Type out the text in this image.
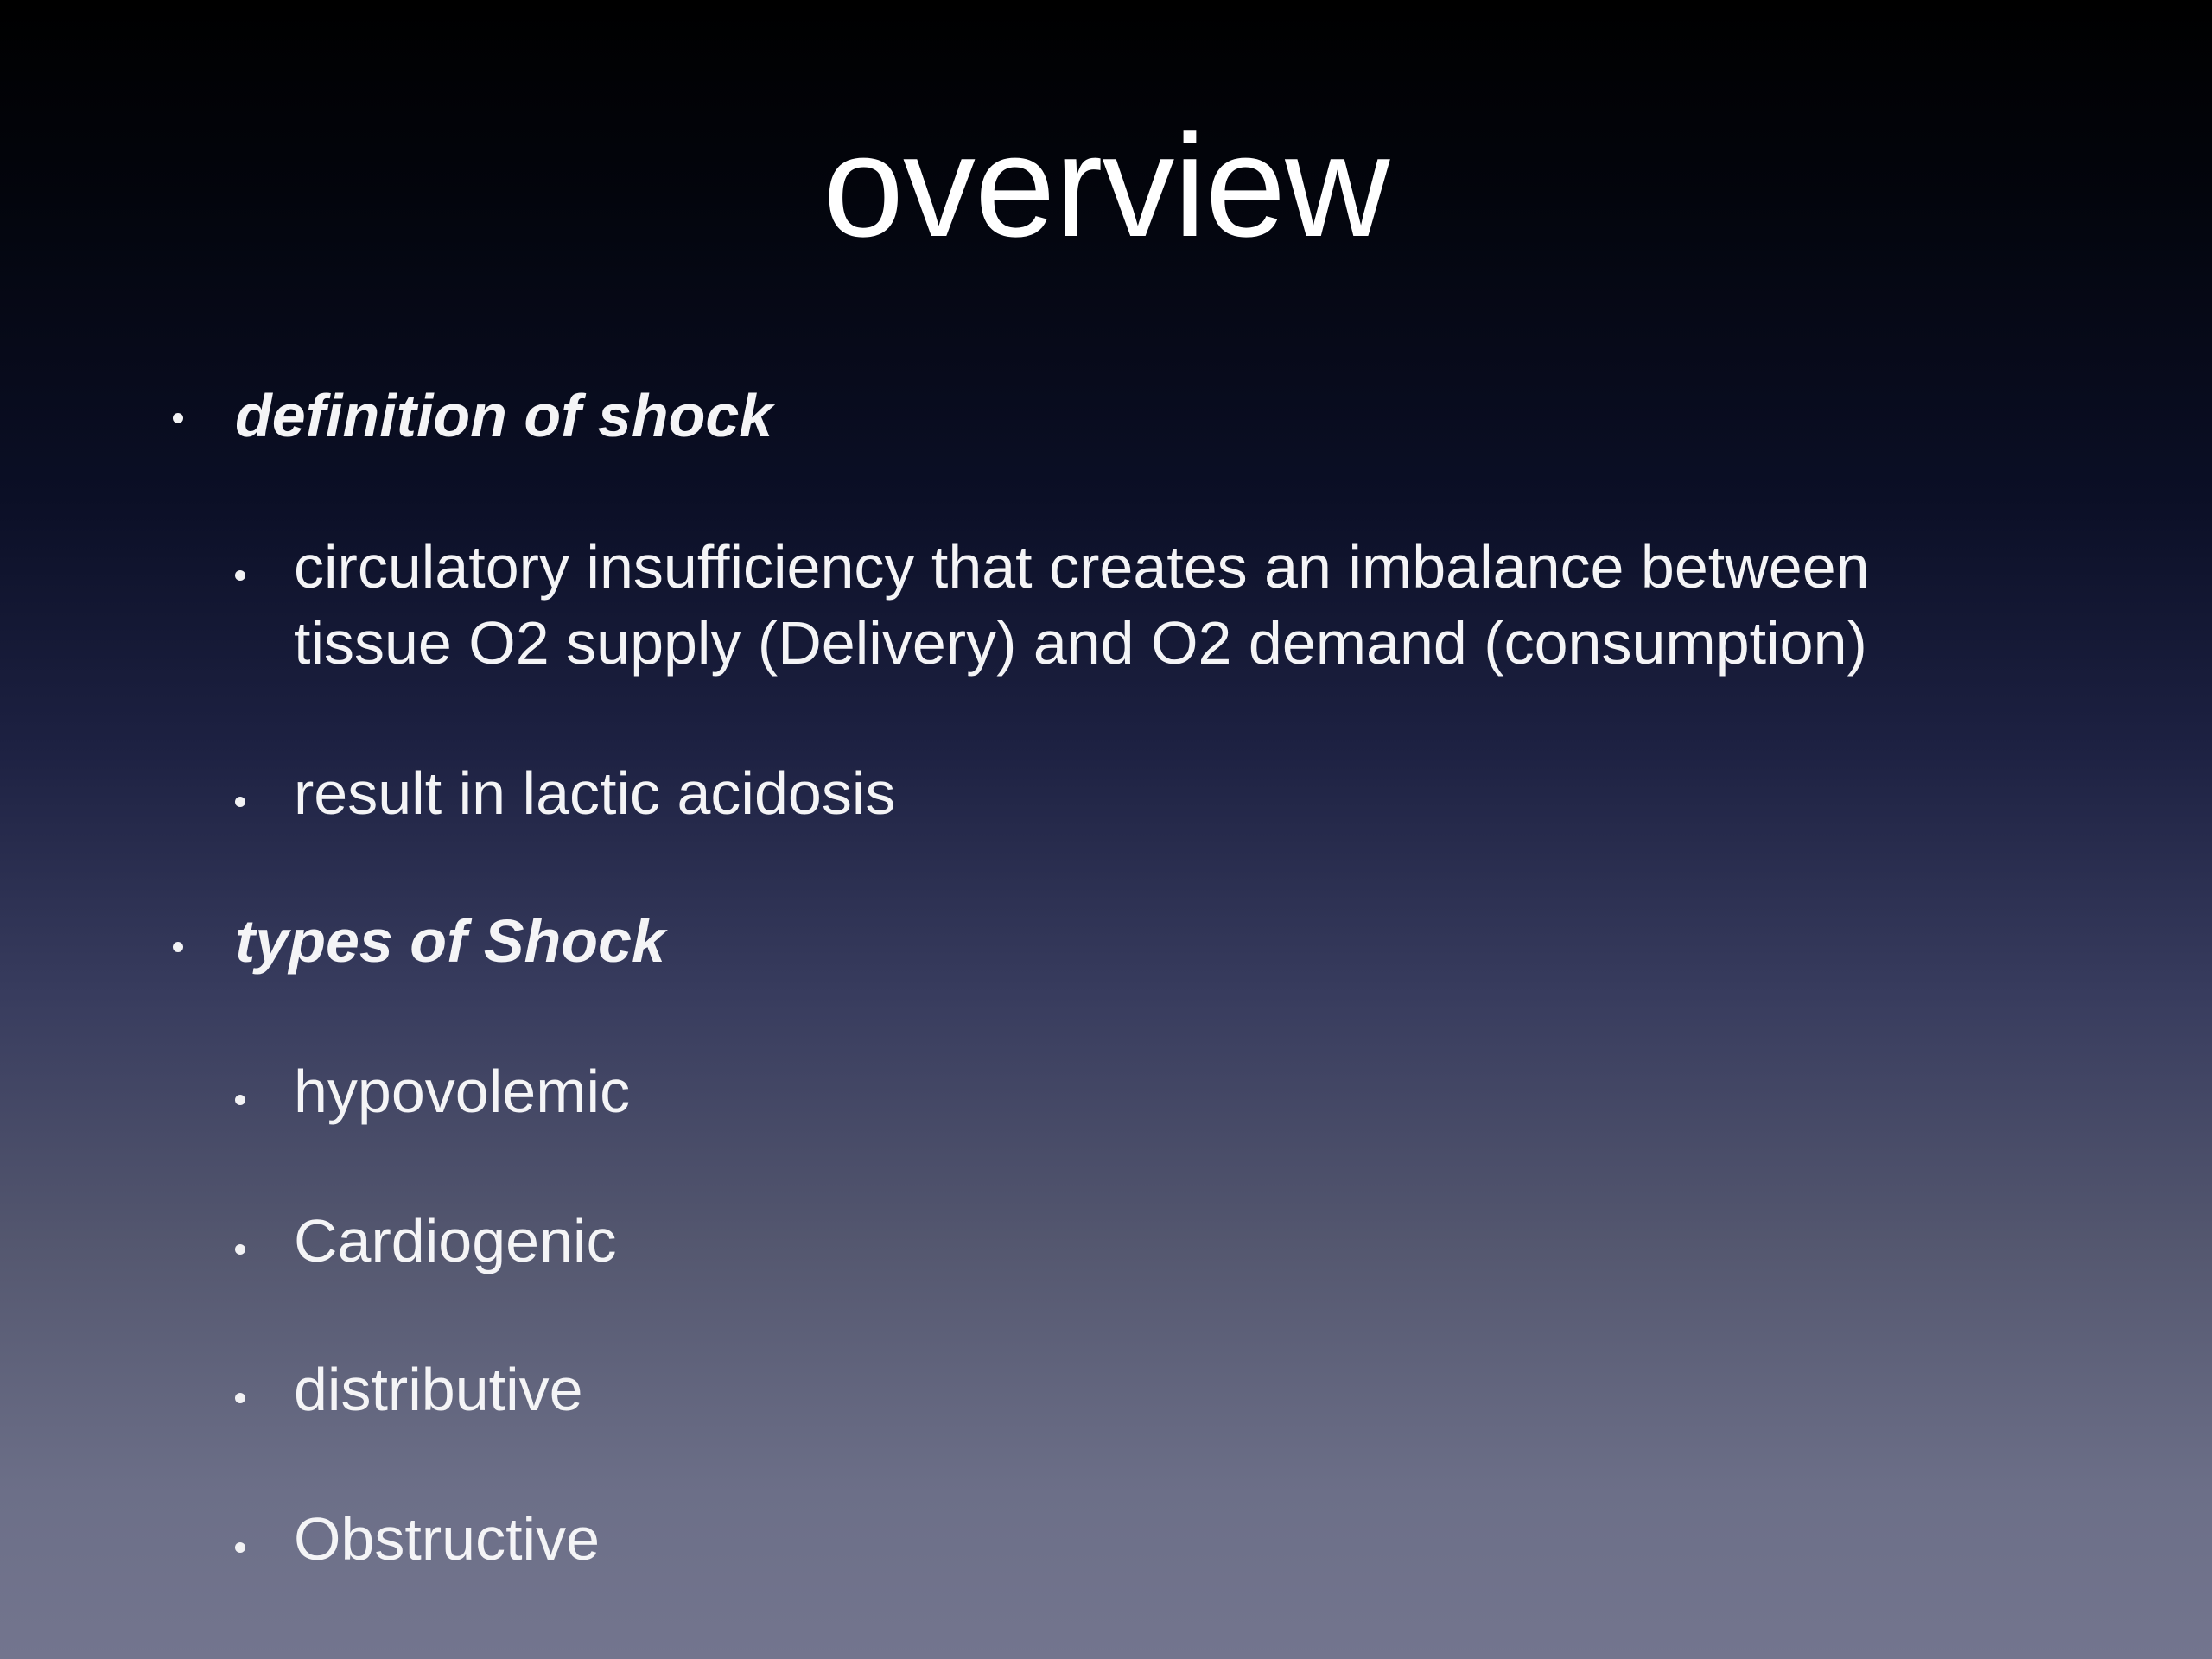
overview
definition of shock
circulatory insufficiency that creates an imbalance between
tissue O2 supply (Delivery) and O2 demand (consumption)
result in lactic acidosis
types of Shock
hypovolemic
Cardiogenic
distributive
Obstructive
